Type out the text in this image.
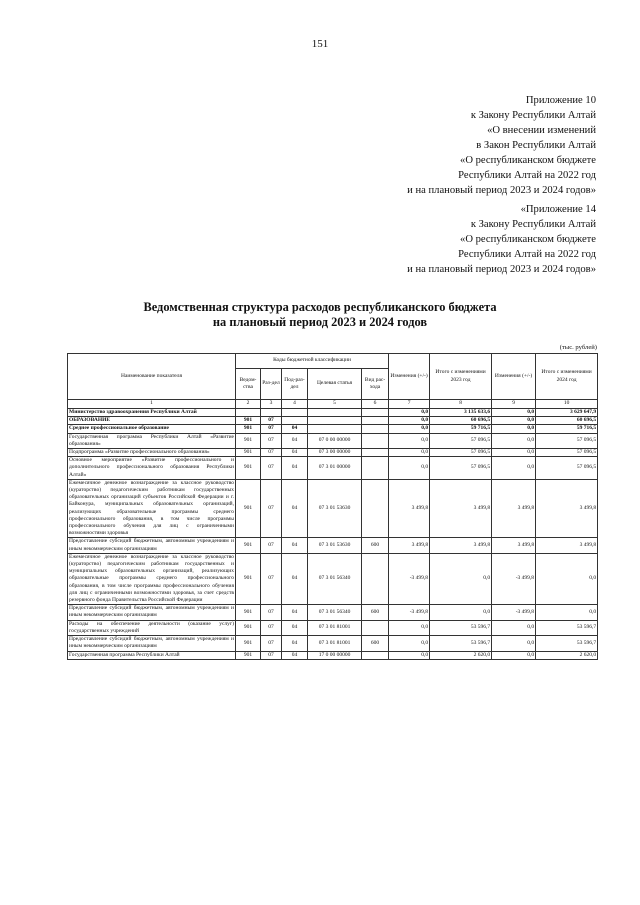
151
Приложение 10
к Закону Республики Алтай
«О внесении изменений
в Закон Республики Алтай
«О республиканском бюджете
Республики Алтай на 2022 год
и на плановый период 2023 и 2024 годов»
«Приложение 14
к Закону Республики Алтай
«О республиканском бюджете
Республики Алтай на 2022 год
и на плановый период 2023 и 2024 годов»
Ведомственная структура расходов республиканского бюджета
на плановый период 2023 и 2024 годов
(тыс. рублей)
Наименование показателя	Коды бюджетной классификации					Изменения (+/-)	Итого с изменениями 2023 год	Изменения (+/-)	Итого с изменениями 2024 год
	Ведом-ства	Раз-дел	Под-раз-дел	Целевая статья	Вид рас-хода				
1	2	3	4	5	6	7	8	9	10
Министерство здравоохранения Республики Алтай						0,0	3 135 633,6	0,0	3 629 647,9
ОБРАЗОВАНИЕ	901	07				0,0	60 696,5	0,0	60 696,5
Среднее профессиональное образование	901	07	04			0,0	59 716,5	0,0	59 716,5
Государственная программа Республики Алтай «Развитие образования»	901	07	04	07 0 00 00000		0,0	57 096,5	0,0	57 096,5
Подпрограмма «Развитие профессионального образования»	901	07	04	07 3 00 00000		0,0	57 096,5	0,0	57 096,5
Основное мероприятие «Развитие профессионального и дополнительного профессионального образования Республики Алтай»	901	07	04	07 3 01 00000		0,0	57 096,5	0,0	57 096,5
Ежемесячное денежное вознаграждение за классное руководство (кураторство) педагогическим работникам государственных образовательных организаций субъектов Российской Федерации и г. Байконура, муниципальных образовательных организаций, реализующих образовательные программы среднего профессионального образования, в том числе программы профессионального обучения для лиц с ограниченными возможностями здоровья	901	07	04	07 3 01 53630		3 499,8	3 499,8	3 499,8	3 499,8
Предоставление субсидий бюджетным, автономным учреждениям и иным некоммерческим организациям	901	07	04	07 3 01 53630	600	3 499,8	3 499,8	3 499,8	3 499,8
Ежемесячное денежное вознаграждение за классное руководство (кураторство) педагогическим работникам государственных и муниципальных образовательных организаций, реализующих образовательные программы среднего профессионального образования, в том числе программы профессионального обучения для лиц с ограниченными возможностями здоровья, за счет средств резервного фонда Правительства Российской Федерации	901	07	04	07 3 01 56340		-3 499,8	0,0	-3 499,8	0,0
Предоставление субсидий бюджетным, автономным учреждениям и иным некоммерческим организациям	901	07	04	07 3 01 56340	600	-3 499,8	0,0	-3 499,8	0,0
Расходы на обеспечение деятельности (оказание услуг) государственных учреждений	901	07	04	07 3 01 81001		0,0	53 596,7	0,0	53 596,7
Предоставление субсидий бюджетным, автономным учреждениям и иным некоммерческим организациям	901	07	04	07 3 01 81001	600	0,0	53 596,7	0,0	53 596,7
Государственная программа Республики Алтай	901	07	04	17 0 00 00000		0,0	2 620,0	0,0	2 620,0
